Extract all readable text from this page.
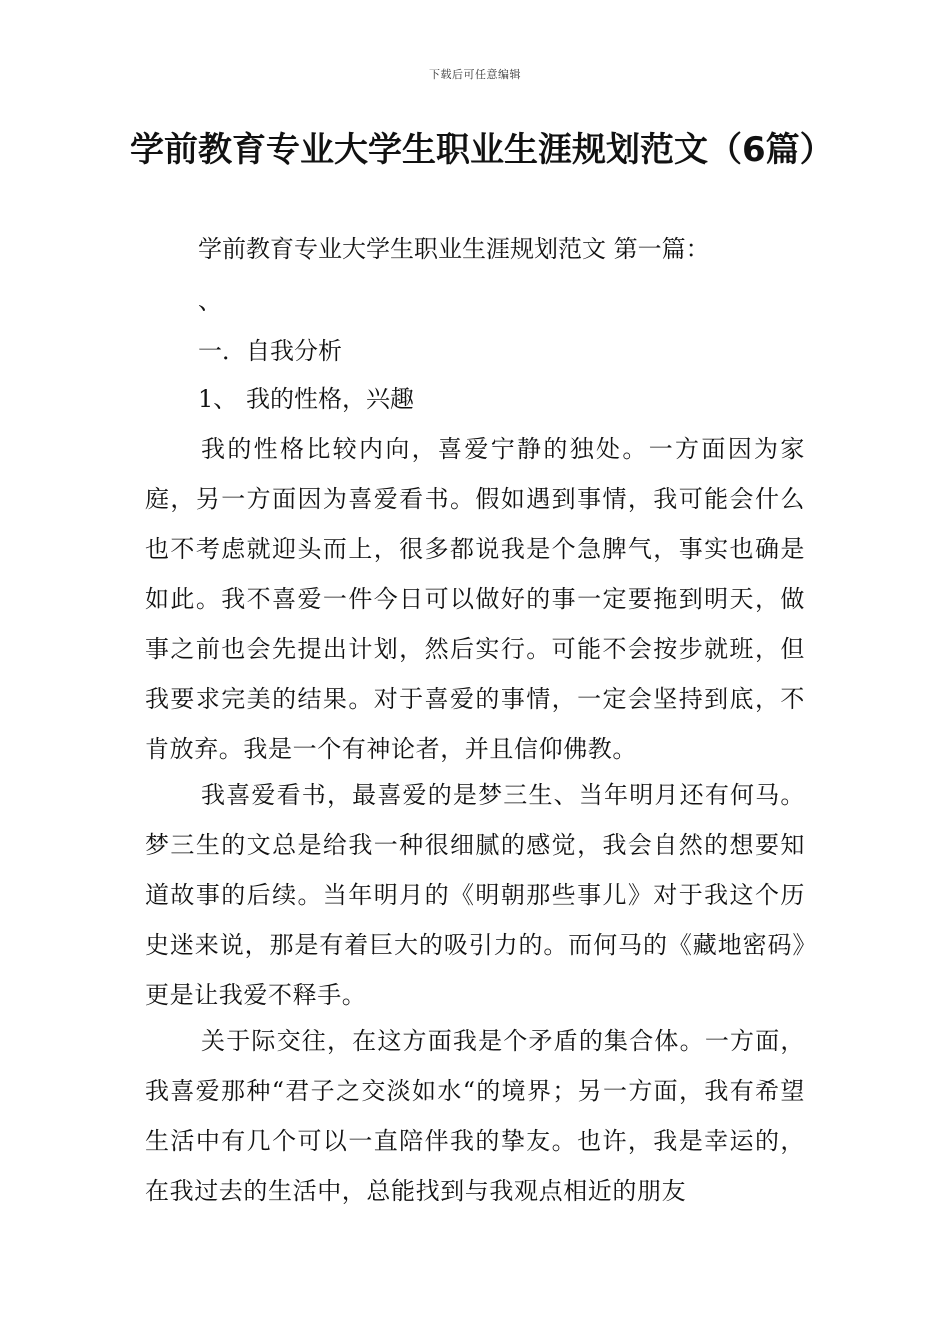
下载后可任意编辑
学前教育专业大学生职业生涯规划范文（6篇）
学前教育专业大学生职业生涯规划范文 第一篇：
、
一．自我分析
1、 我的性格，兴趣

我的性格比较内向，喜爱宁静的独处。一方面因为家庭，另一方面因为喜爱看书。假如遇到事情，我可能会什么也不考虑就迎头而上，很多都说我是个急脾气，事实也确是如此。我不喜爱一件今日可以做好的事一定要拖到明天，做事之前也会先提出计划，然后实行。可能不会按步就班，但我要求完美的结果。对于喜爱的事情，一定会坚持到底，不肯放弃。我是一个有神论者，并且信仰佛教。

我喜爱看书，最喜爱的是梦三生、当年明月还有何马。梦三生的文总是给我一种很细腻的感觉，我会自然的想要知道故事的后续。当年明月的《明朝那些事儿》对于我这个历史迷来说，那是有着巨大的吸引力的。而何马的《藏地密码》更是让我爱不释手。

关于际交往，在这方面我是个矛盾的集合体。一方面，我喜爱那种“君子之交淡如水“的境界；另一方面，我有希望生活中有几个可以一直陪伴我的挚友。也许，我是幸运的，在我过去的生活中，总能找到与我观点相近的朋友
